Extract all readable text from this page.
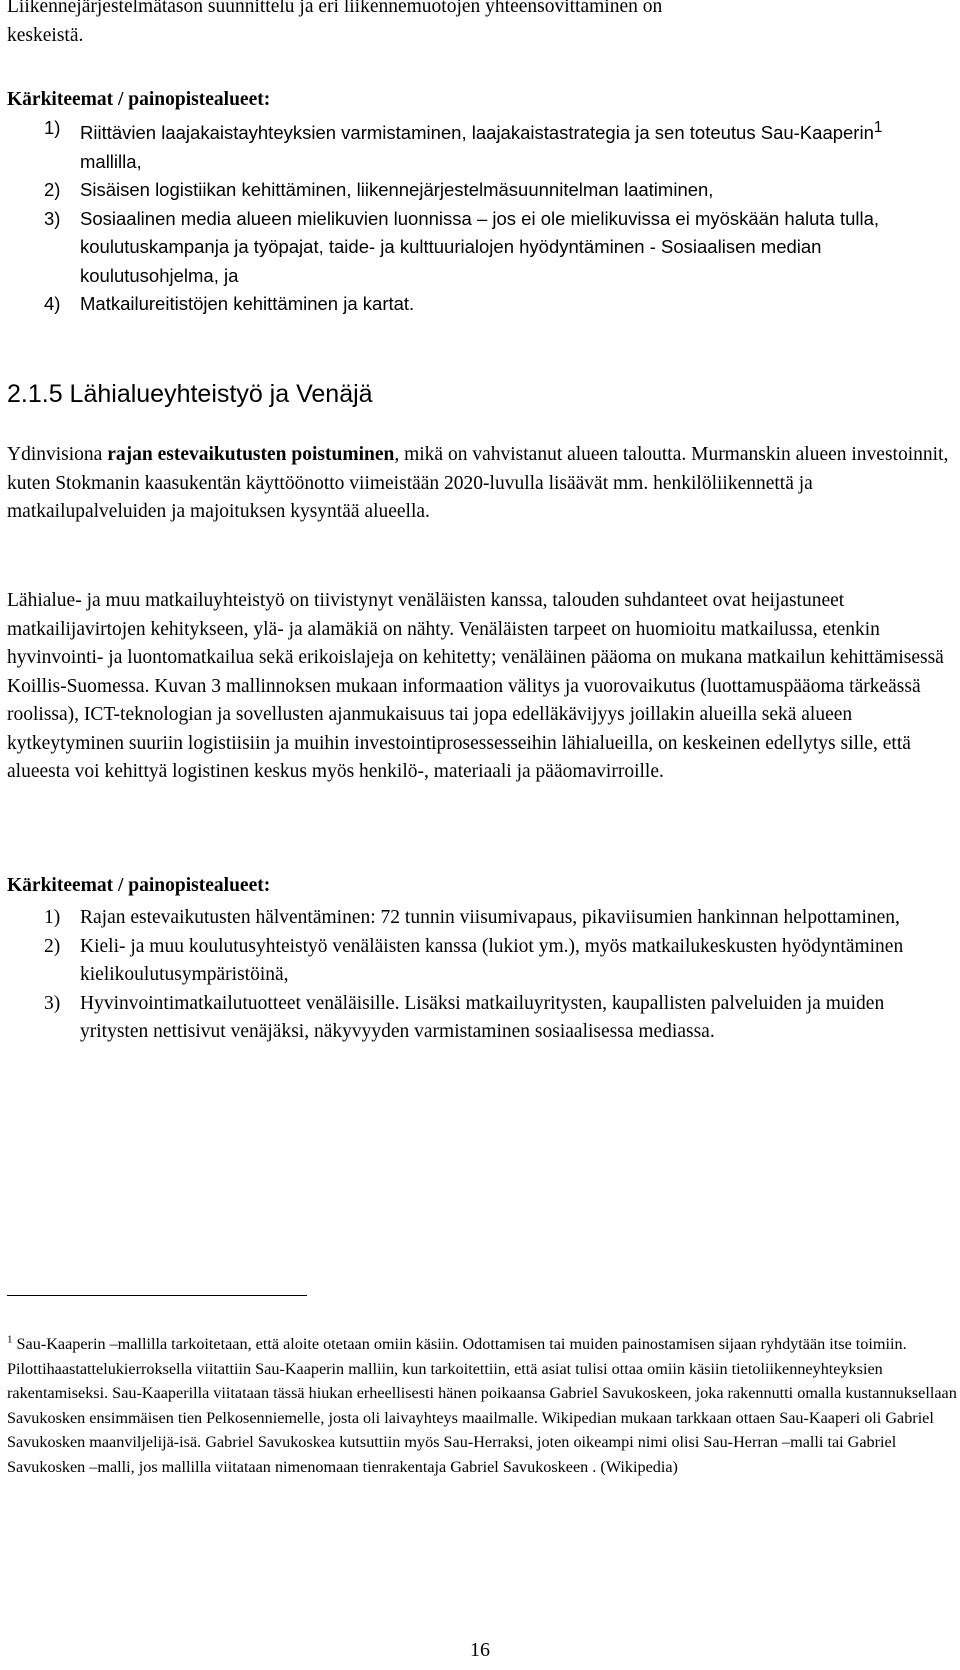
Liikennejärjestelmätason suunnittelu ja eri liikennemuotojen yhteensovittaminen on
keskeistä.
Kärkiteemat / painopistealueet:
1) Riittävien laajakaistayhteyksien varmistaminen, laajakaistastrategia ja sen toteutus Sau-Kaaperin$^1$ mallilla,
2) Sisäisen logistiikan kehittäminen, liikennejärjestelmäsuunnitelman laatiminen,
3) Sosiaalinen media alueen mielikuvien luonnissa – jos ei ole mielikuvissa ei myöskään haluta tulla, koulutuskampanja ja työpajat, taide- ja kulttuurialojen hyödyntäminen - Sosiaalisen median koulutusohjelma, ja
4) Matkailureitistöjen kehittäminen ja kartat.
2.1.5 Lähialueyhteistyö ja Venäjä
Ydinvisiona rajan estevaikutusten poistuminen, mikä on vahvistanut alueen taloutta. Murmanskin alueen investoinnit, kuten Stokmanin kaasukentän käyttöönotto viimeistään 2020-luvulla lisäävät mm. henkilöliikennettä ja matkailupalveluiden ja majoituksen kysyntää alueella.
Lähialue- ja muu matkailuyhteistyö on tiivistynyt venäläisten kanssa, talouden suhdanteet ovat heijastuneet matkailijavirtojen kehitykseen, ylä- ja alamäkiä on nähty. Venäläisten tarpeet on huomioitu matkailussa, etenkin hyvinvointi- ja luontomatkailua sekä erikoislajeja on kehitetty; venäläinen pääoma on mukana matkailun kehittämisessä Koillis-Suomessa. Kuvan 3 mallinnoksen mukaan informaation välitys ja vuorovaikutus (luottamuspääoma tärkeässä roolissa), ICT-teknologian ja sovellusten ajanmukaisuus tai jopa edelläkävijyys joillakin alueilla sekä alueen kytkeytyminen suuriin logistiisiin ja muihin investointiprosessesseihin lähialueilla, on keskeinen edellytys sille, että alueesta voi kehittyä logistinen keskus myös henkilö-, materiaali ja pääomavirroille.
Kärkiteemat / painopistealueet:
1) Rajan estevaikutusten hälventäminen: 72 tunnin viisumivapaus, pikaviisumien hankinnan helpottaminen,
2) Kieli- ja muu koulutusyhteistyö venäläisten kanssa (lukiot ym.), myös matkailukeskusten hyödyntäminen kielikoulutusympäristöinä,
3) Hyvinvointimatkailutuotteet venäläisille. Lisäksi matkailuyritysten, kaupallisten palveluiden ja muiden yritysten nettisivut venäjäksi, näkyvyyden varmistaminen sosiaalisessa mediassa.
$^1$ Sau-Kaaperin –mallilla tarkoitetaan, että aloite otetaan omiin käsiin. Odottamisen tai muiden painostamisen sijaan ryhdytään itse toimiin. Pilottihaastattelukierroksella viitattiin Sau-Kaaperin malliin, kun tarkoitettiin, että asiat tulisi ottaa omiin käsiin tietoliikenneyhteyksien rakentamiseksi. Sau-Kaaperilla viitataan tässä hiukan erheellisesti hänen poikaansa Gabriel Savukoskeen, joka rakennutti omalla kustannuksellaan Savukosken ensimmäisen tien Pelkosenniemelle, josta oli laivayhteys maailmalle. Wikipedian mukaan tarkkaan ottaen Sau-Kaaperi oli Gabriel Savukosken maanviljelijä-isä. Gabriel Savukoskea kutsuttiin myös Sau-Herraksi, joten oikeampi nimi olisi Sau-Herran –malli tai Gabriel Savukosken –malli, jos mallilla viitataan nimenomaan tienrakentaja Gabriel Savukoskeen . (Wikipedia)
16
